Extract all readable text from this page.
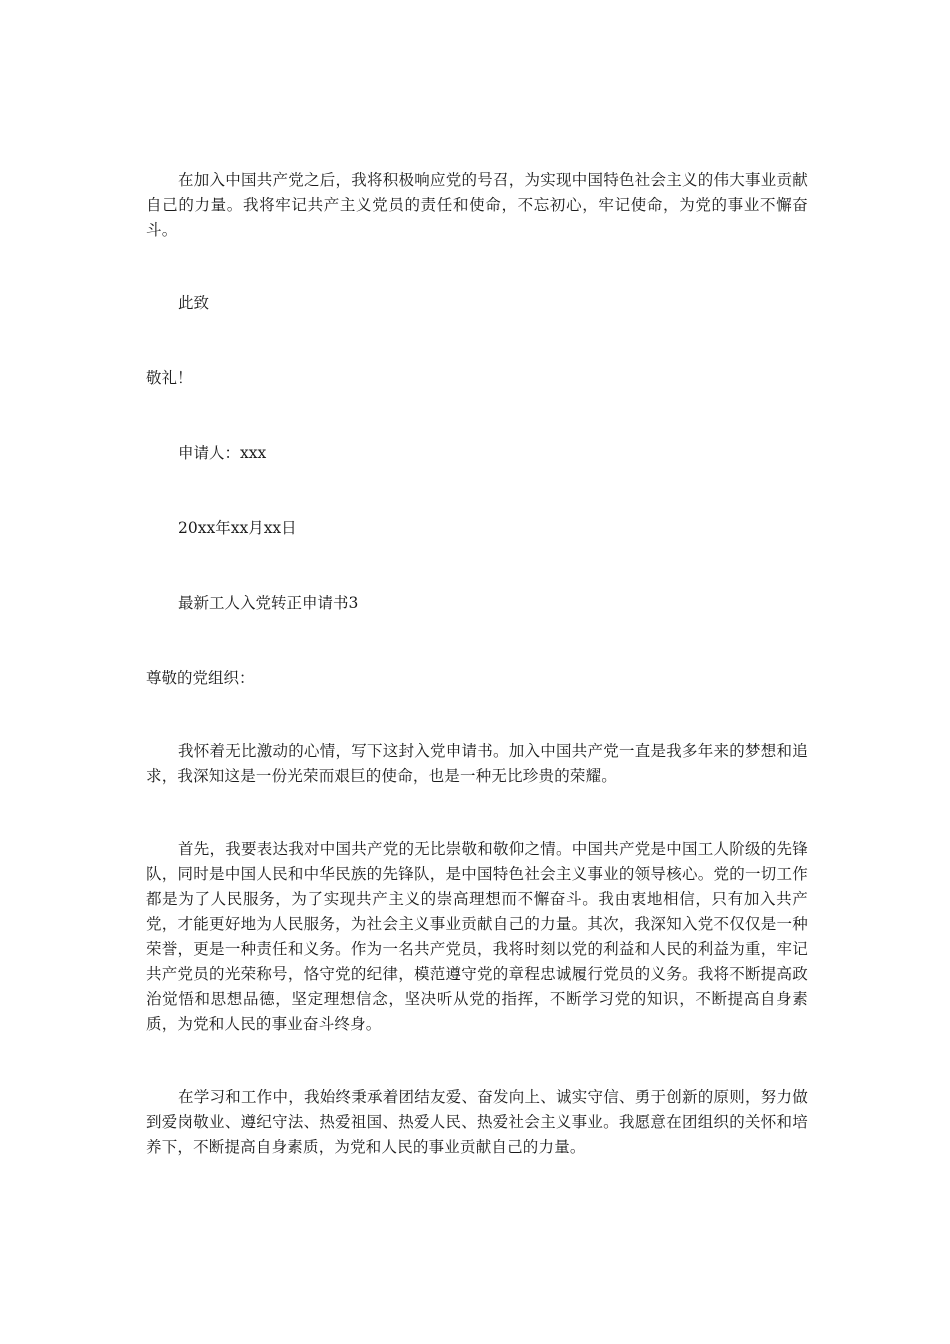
在加入中国共产党之后，我将积极响应党的号召，为实现中国特色社会主义的伟大事业贡献自己的力量。我将牢记共产主义党员的责任和使命，不忘初心，牢记使命，为党的事业不懈奋斗。

此致

敬礼！

申请人：xxx

20xx年xx月xx日

最新工人入党转正申请书3

尊敬的党组织：

我怀着无比激动的心情，写下这封入党申请书。加入中国共产党一直是我多年来的梦想和追求，我深知这是一份光荣而艰巨的使命，也是一种无比珍贵的荣耀。

首先，我要表达我对中国共产党的无比崇敬和敬仰之情。中国共产党是中国工人阶级的先锋队，同时是中国人民和中华民族的先锋队，是中国特色社会主义事业的领导核心。党的一切工作都是为了人民服务，为了实现共产主义的崇高理想而不懈奋斗。我由衷地相信，只有加入共产党，才能更好地为人民服务，为社会主义事业贡献自己的力量。其次，我深知入党不仅仅是一种荣誉，更是一种责任和义务。作为一名共产党员，我将时刻以党的利益和人民的利益为重，牢记共产党员的光荣称号，恪守党的纪律，模范遵守党的章程忠诚履行党员的义务。我将不断提高政治觉悟和思想品德，坚定理想信念，坚决听从党的指挥，不断学习党的知识，不断提高自身素质，为党和人民的事业奋斗终身。

在学习和工作中，我始终秉承着团结友爱、奋发向上、诚实守信、勇于创新的原则，努力做到爱岗敬业、遵纪守法、热爱祖国、热爱人民、热爱社会主义事业。我愿意在团组织的关怀和培养下，不断提高自身素质，为党和人民的事业贡献自己的力量。
